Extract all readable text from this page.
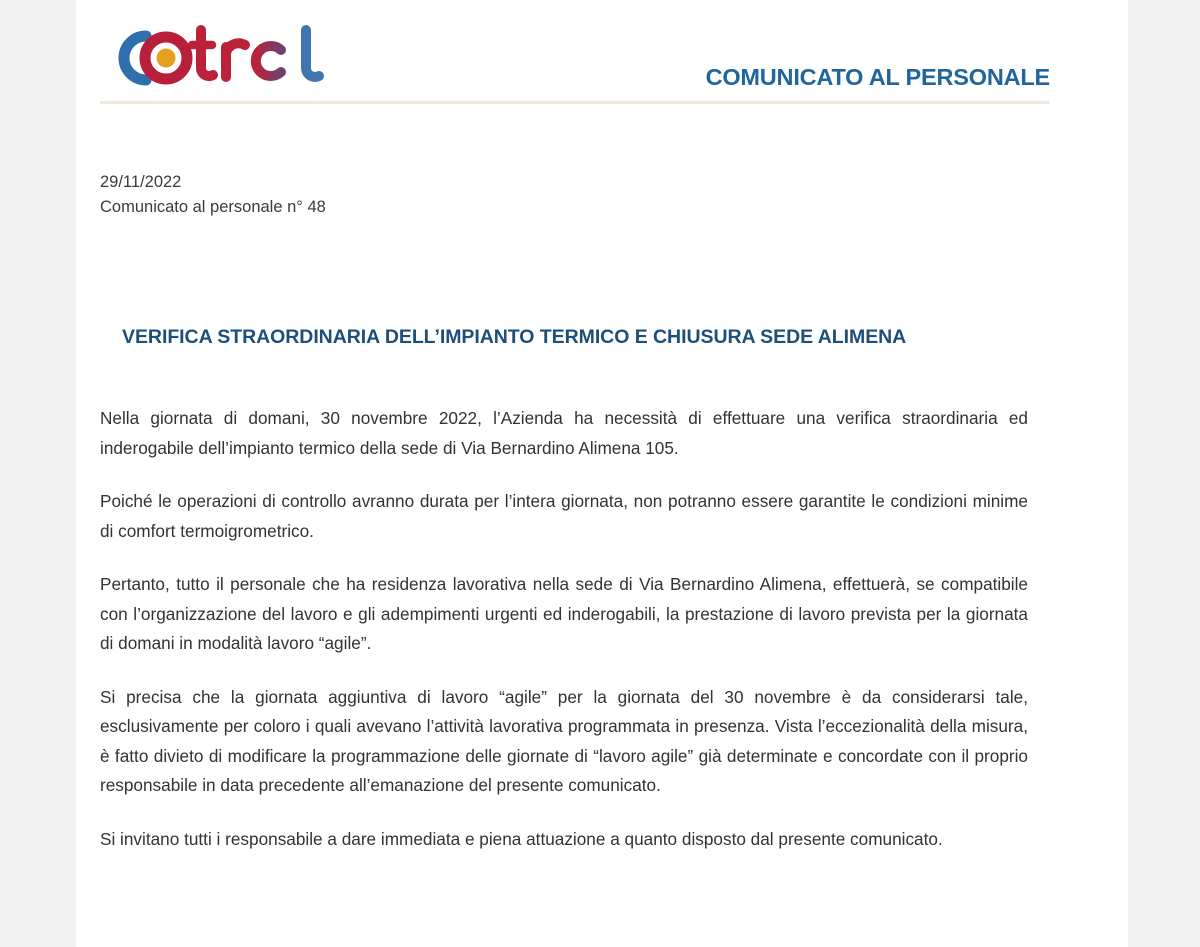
COMUNICATO AL PERSONALE
29/11/2022
Comunicato al personale n° 48
VERIFICA STRAORDINARIA DELL’IMPIANTO TERMICO E CHIUSURA SEDE ALIMENA

Nella giornata di domani, 30 novembre 2022, l’Azienda ha necessità di effettuare una verifica straordinaria ed inderogabile dell’impianto termico della sede di Via Bernardino Alimena 105.

Poiché le operazioni di controllo avranno durata per l’intera giornata, non potranno essere garantite le condizioni minime di comfort termoigrometrico.

Pertanto, tutto il personale che ha residenza lavorativa nella sede di Via Bernardino Alimena, effettuerà, se compatibile con l’organizzazione del lavoro e gli adempimenti urgenti ed inderogabili, la prestazione di lavoro prevista per la giornata di domani in modalità lavoro “agile”.

Si precisa che la giornata aggiuntiva di lavoro “agile” per la giornata del 30 novembre è da considerarsi tale, esclusivamente per coloro i quali avevano l’attività lavorativa programmata in presenza. Vista l’eccezionalità della misura, è fatto divieto di modificare la programmazione delle giornate di “lavoro agile” già determinate e concordate con il proprio responsabile in data precedente all’emanazione del presente comunicato.

Si invitano tutti i responsabile a dare immediata e piena attuazione a quanto disposto dal presente comunicato.
